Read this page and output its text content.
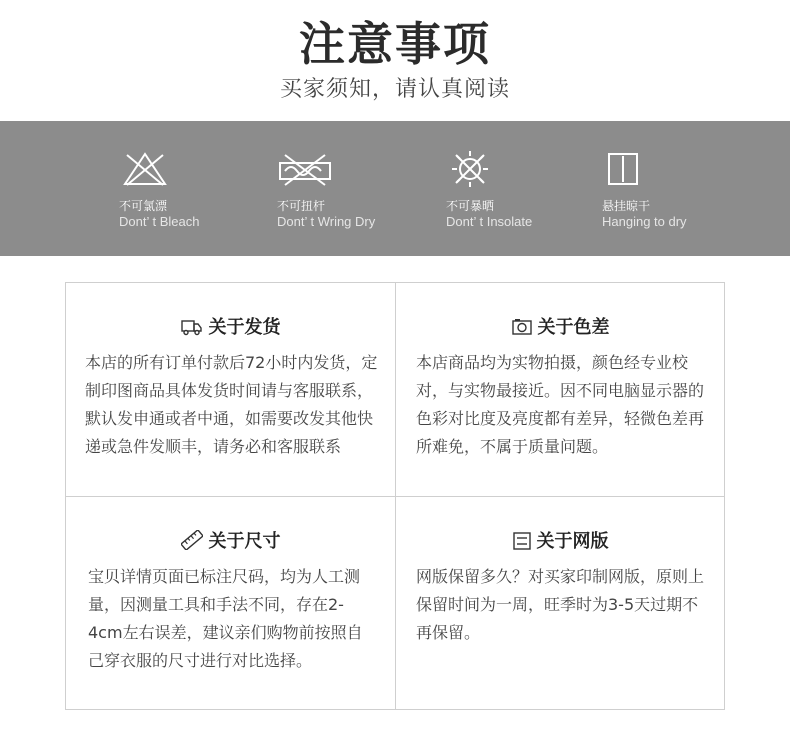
注意事项
买家须知，请认真阅读
不可氯漂
Dont’ t Bleach
不可扭杆
Dont’ t Wring Dry
不可暴晒
Dont’ t Insolate
悬挂晾干
Hanging to dry
关于发货
本店的所有订单付款后72小时内发货，定制印图商品具体发货时间请与客服联系，默认发申通或者中通，如需要改发其他快递或急件发顺丰，请务必和客服联系
关于色差
本店商品均为实物拍摄，颜色经专业校对，与实物最接近。因不同电脑显示器的色彩对比度及亮度都有差异，轻微色差再所难免，不属于质量问题。
关于尺寸
宝贝详情页面已标注尺码，均为人工测量，因测量工具和手法不同，存在2- 4cm左右误差，建议亲们购物前按照自己穿衣服的尺寸进行对比选择。
关于网版
网版保留多久？对买家印制网版，原则上保留时间为一周，旺季时为3-5天过期不再保留。
